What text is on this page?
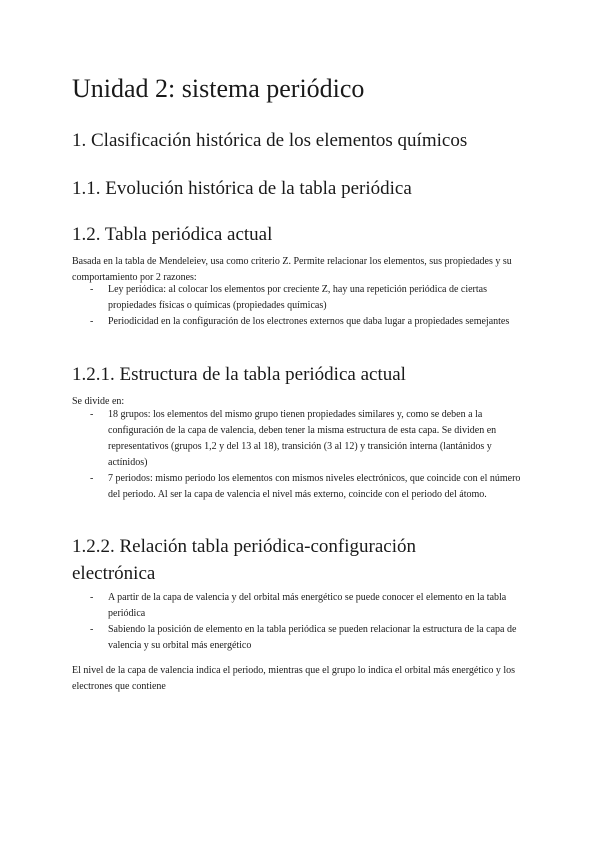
Unidad 2: sistema periódico
1. Clasificación histórica de los elementos químicos
1.1. Evolución histórica de la tabla periódica
1.2. Tabla periódica actual

Basada en la tabla de Mendeleiev, usa como criterio Z. Permite relacionar los elementos, sus propiedades y su comportamiento por 2 razones:

- Ley periódica: al colocar los elementos por creciente Z, hay una repetición periódica de ciertas propiedades físicas o químicas (propiedades químicas)
- Periodicidad en la configuración de los electrones externos que daba lugar a propiedades semejantes
1.2.1. Estructura de la tabla periódica actual

Se divide en:

- 18 grupos: los elementos del mismo grupo tienen propiedades similares y, como se deben a la configuración de la capa de valencia, deben tener la misma estructura de esta capa. Se dividen en representativos (grupos 1,2 y del 13 al 18), transición (3 al 12) y transición interna (lantánidos y actínidos)
- 7 periodos: mismo periodo los elementos con mismos niveles electrónicos, que coincide con el número del periodo. Al ser la capa de valencia el nivel más externo, coincide con el periodo del átomo.
1.2.2. Relación tabla periódica-configuración electrónica
- A partir de la capa de valencia y del orbital más energético se puede conocer el elemento en la tabla periódica
- Sabiendo la posición de elemento en la tabla periódica se pueden relacionar la estructura de la capa de valencia y su orbital más energético

El nivel de la capa de valencia indica el periodo, mientras que el grupo lo indica el orbital más energético y los electrones que contiene
